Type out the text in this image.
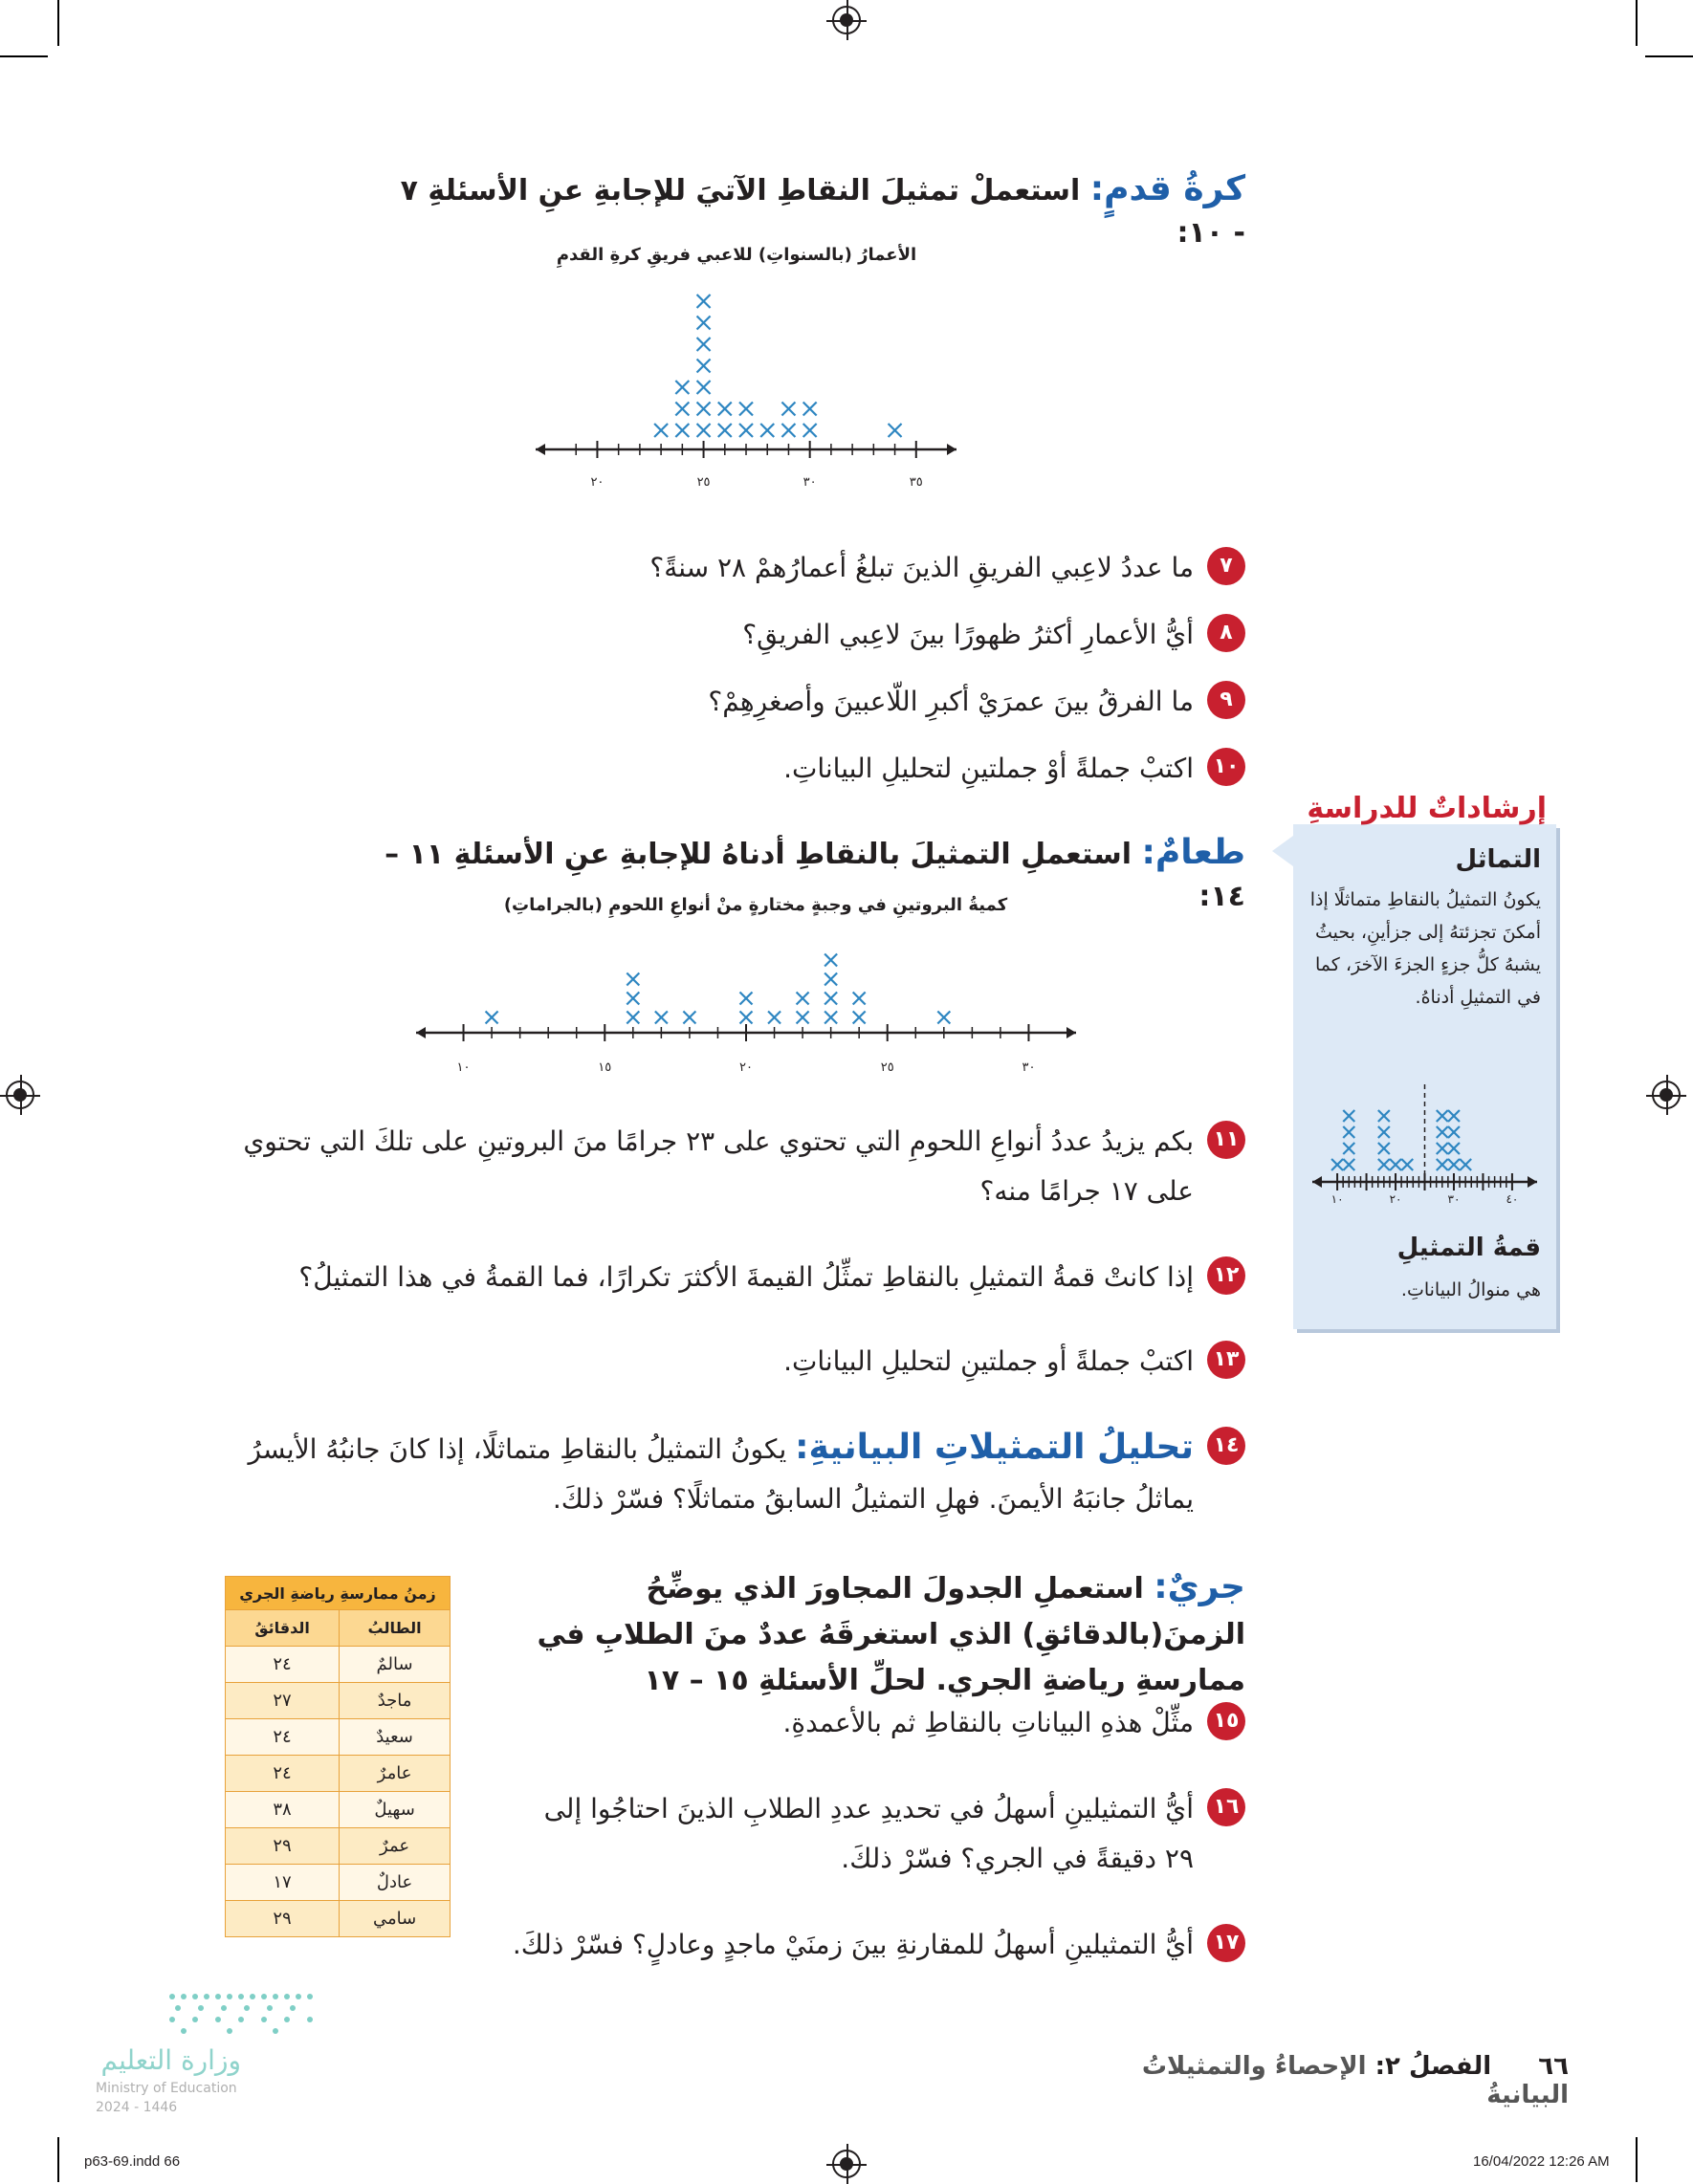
كرةُ قدمٍ: استعملْ تمثيلَ النقاطِ الآتيَ للإجابةِ عنِ الأسئلةِ ٧ - ١٠:
الأعمارُ (بالسنواتِ) للاعبي فريقِ كرةِ القدمِ
٢٠	٢٥	٣٠	٣٥
٧
ما عددُ لاعِبي الفريقِ الذينَ تبلغُ أعمارُهمْ ٢٨ سنةً؟
٨
أيُّ الأعمارِ أكثرُ ظهورًا بينَ لاعِبي الفريقِ؟
٩
ما الفرقُ بينَ عمرَيْ أكبرِ اللّاعبينَ وأصغرِهِمْ؟
١٠
اكتبْ جملةً أوْ جملتينِ لتحليلِ البياناتِ.
طعامٌ: استعملِ التمثيلَ بالنقاطِ أدناهُ للإجابةِ عنِ الأسئلةِ ١١ – ١٤:
كميةُ البروتينِ في وجبةٍ مختارةٍ منْ أنواعِ اللحومِ (بالجراماتِ)
١٠	١٥	٢٠	٢٥	٣٠
١١
بكم يزيدُ عددُ أنواعِ اللحومِ التي تحتوي على ٢٣ جرامًا منَ البروتينِ على تلكَ التي تحتوي على ١٧ جرامًا منه؟
١٢
إذا كانتْ قمةُ التمثيلِ بالنقاطِ تمثِّلُ القيمةَ الأكثرَ تكرارًا، فما القمةُ في هذا التمثيلُ؟
١٣
اكتبْ جملةً أو جملتينِ لتحليلِ البياناتِ.
١٤
تحليلُ التمثيلاتِ البيانيةِ: يكونُ التمثيلُ بالنقاطِ متماثلًا، إذا كانَ جانبُهُ الأيسرُ يماثلُ جانبَهُ الأيمنَ. فهلِ التمثيلُ السابقُ متماثلًا؟ فسّرْ ذلكَ.
جريٌ: استعملِ الجدولَ المجاورَ الذي يوضِّحُ الزمنَ(بالدقائقِ) الذي استغرقَهُ عددٌ منَ الطلابِ في ممارسةِ رياضةِ الجري. لحلِّ الأسئلةِ ١٥ – ١٧
زمنُ ممارسةِ رياضةِ الجري	
الدقائقُ	الطالبُ
٢٤	سالمٌ
٢٧	ماجدٌ
٢٤	سعيدٌ
٢٤	عامرٌ
٣٨	سهيلٌ
٢٩	عمرٌ
١٧	عادلٌ
٢٩	سامي
١٥
مثِّلْ هذهِ البياناتِ بالنقاطِ ثم بالأعمدةِ.
١٦
أيُّ التمثيلينِ أسهلُ في تحديدِ عددِ الطلابِ الذينَ احتاجُوا إلى ٢٩ دقيقةً في الجري؟ فسّرْ ذلكَ.
١٧
أيُّ التمثيلينِ أسهلُ للمقارنةِ بينَ زمنَيْ ماجدٍ وعادلٍ؟ فسّرْ ذلكَ.
إرشاداتٌ للدراسةِ
التماثل
يكونُ التمثيلُ بالنقاطِ متماثلًا إذا أمكنَ تجزئتهُ إلى جزأينِ، بحيثُ يشبهُ كلُّ جزءٍ الجزءَ الآخرَ، كما في التمثيلِ أدناهُ.
١٠	٢٠	٣٠	٤٠
قمةُ التمثيلِ
هي منوالُ البياناتِ.
وزارة التعليم
Ministry of Education
2024 - 1446
٦٦ الفصلُ ٢: الإحصاءُ والتمثيلاتُ البيانيةُ
p63-69.indd 66	16/04/2022 12:26 AM
